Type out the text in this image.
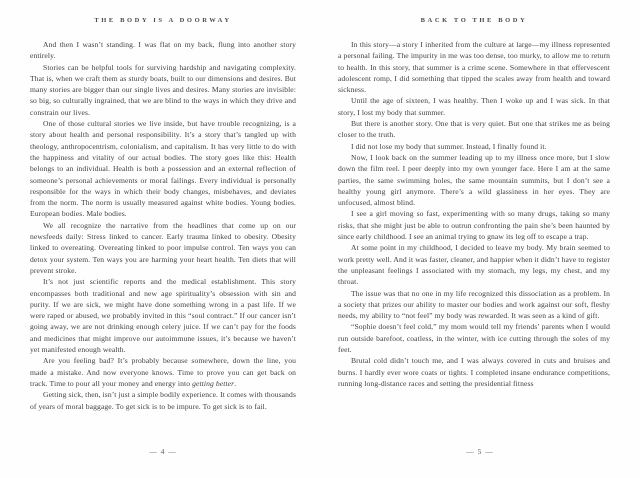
THE BODY IS A DOORWAY

And then I wasn’t standing. I was flat on my back, flung into another story entirely.

Stories can be helpful tools for surviving hardship and navigating complexity. That is, when we craft them as sturdy boats, built to our dimensions and desires. But many stories are bigger than our single lives and desires. Many stories are invisible: so big, so culturally ingrained, that we are blind to the ways in which they drive and constrain our lives.

One of those cultural stories we live inside, but have trouble recognizing, is a story about health and personal responsibility. It’s a story that’s tangled up with theology, anthropocentrism, colonialism, and capitalism. It has very little to do with the happiness and vitality of our actual bodies. The story goes like this: Health belongs to an individual. Health is both a possession and an external reflection of someone’s personal achievements or moral failings. Every individual is personally responsible for the ways in which their body changes, misbehaves, and deviates from the norm. The norm is usually measured against white bodies. Young bodies. European bodies. Male bodies.

We all recognize the narrative from the headlines that come up on our newsfeeds daily: Stress linked to cancer. Early trauma linked to obesity. Obesity linked to overeating. Overeating linked to poor impulse control. Ten ways you can detox your system. Ten ways you are harming your heart health. Ten diets that will prevent stroke.

It’s not just scientific reports and the medical establishment. This story encompasses both traditional and new age spirituality’s obsession with sin and purity. If we are sick, we might have done something wrong in a past life. If we were raped or abused, we probably invited in this “soul contract.” If our cancer isn’t going away, we are not drinking enough celery juice. If we can’t pay for the foods and medicines that might improve our autoimmune issues, it’s because we haven’t yet manifested enough wealth.

Are you feeling bad? It’s probably because somewhere, down the line, you made a mistake. And now everyone knows. Time to prove you can get back on track. Time to pour all your money and energy into getting better.

Getting sick, then, isn’t just a simple bodily experience. It comes with thousands of years of moral baggage. To get sick is to be impure. To get sick is to fail.

— 4 —
BACK TO THE BODY

In this story—a story I inherited from the culture at large—my illness represented a personal failing. The impurity in me was too dense, too murky, to allow me to return to health. In this story, that summer is a crime scene. Somewhere in that effervescent adolescent romp, I did something that tipped the scales away from health and toward sickness.

Until the age of sixteen, I was healthy. Then I woke up and I was sick. In that story, I lost my body that summer.

But there is another story. One that is very quiet. But one that strikes me as being closer to the truth.

I did not lose my body that summer. Instead, I finally found it.

Now, I look back on the summer leading up to my illness once more, but I slow down the film reel. I peer deeply into my own younger face. Here I am at the same parties, the same swimming holes, the same mountain summits, but I don’t see a healthy young girl anymore. There’s a wild glassiness in her eyes. They are unfocused, almost blind.

I see a girl moving so fast, experimenting with so many drugs, taking so many risks, that she might just be able to outrun confronting the pain she’s been haunted by since early childhood. I see an animal trying to gnaw its leg off to escape a trap.

At some point in my childhood, I decided to leave my body. My brain seemed to work pretty well. And it was faster, cleaner, and happier when it didn’t have to register the unpleasant feelings I associated with my stomach, my legs, my chest, and my throat.

The issue was that no one in my life recognized this dissociation as a problem. In a society that prizes our ability to master our bodies and work against our soft, fleshy needs, my ability to “not feel” my body was rewarded. It was seen as a kind of gift.

“Sophie doesn’t feel cold,” my mom would tell my friends’ parents when I would run outside barefoot, coatless, in the winter, with ice cutting through the soles of my feet.

Brutal cold didn’t touch me, and I was always covered in cuts and bruises and burns. I hardly ever wore coats or tights. I completed insane endurance competitions, running long-distance races and setting the presidential fitness

— 5 —
